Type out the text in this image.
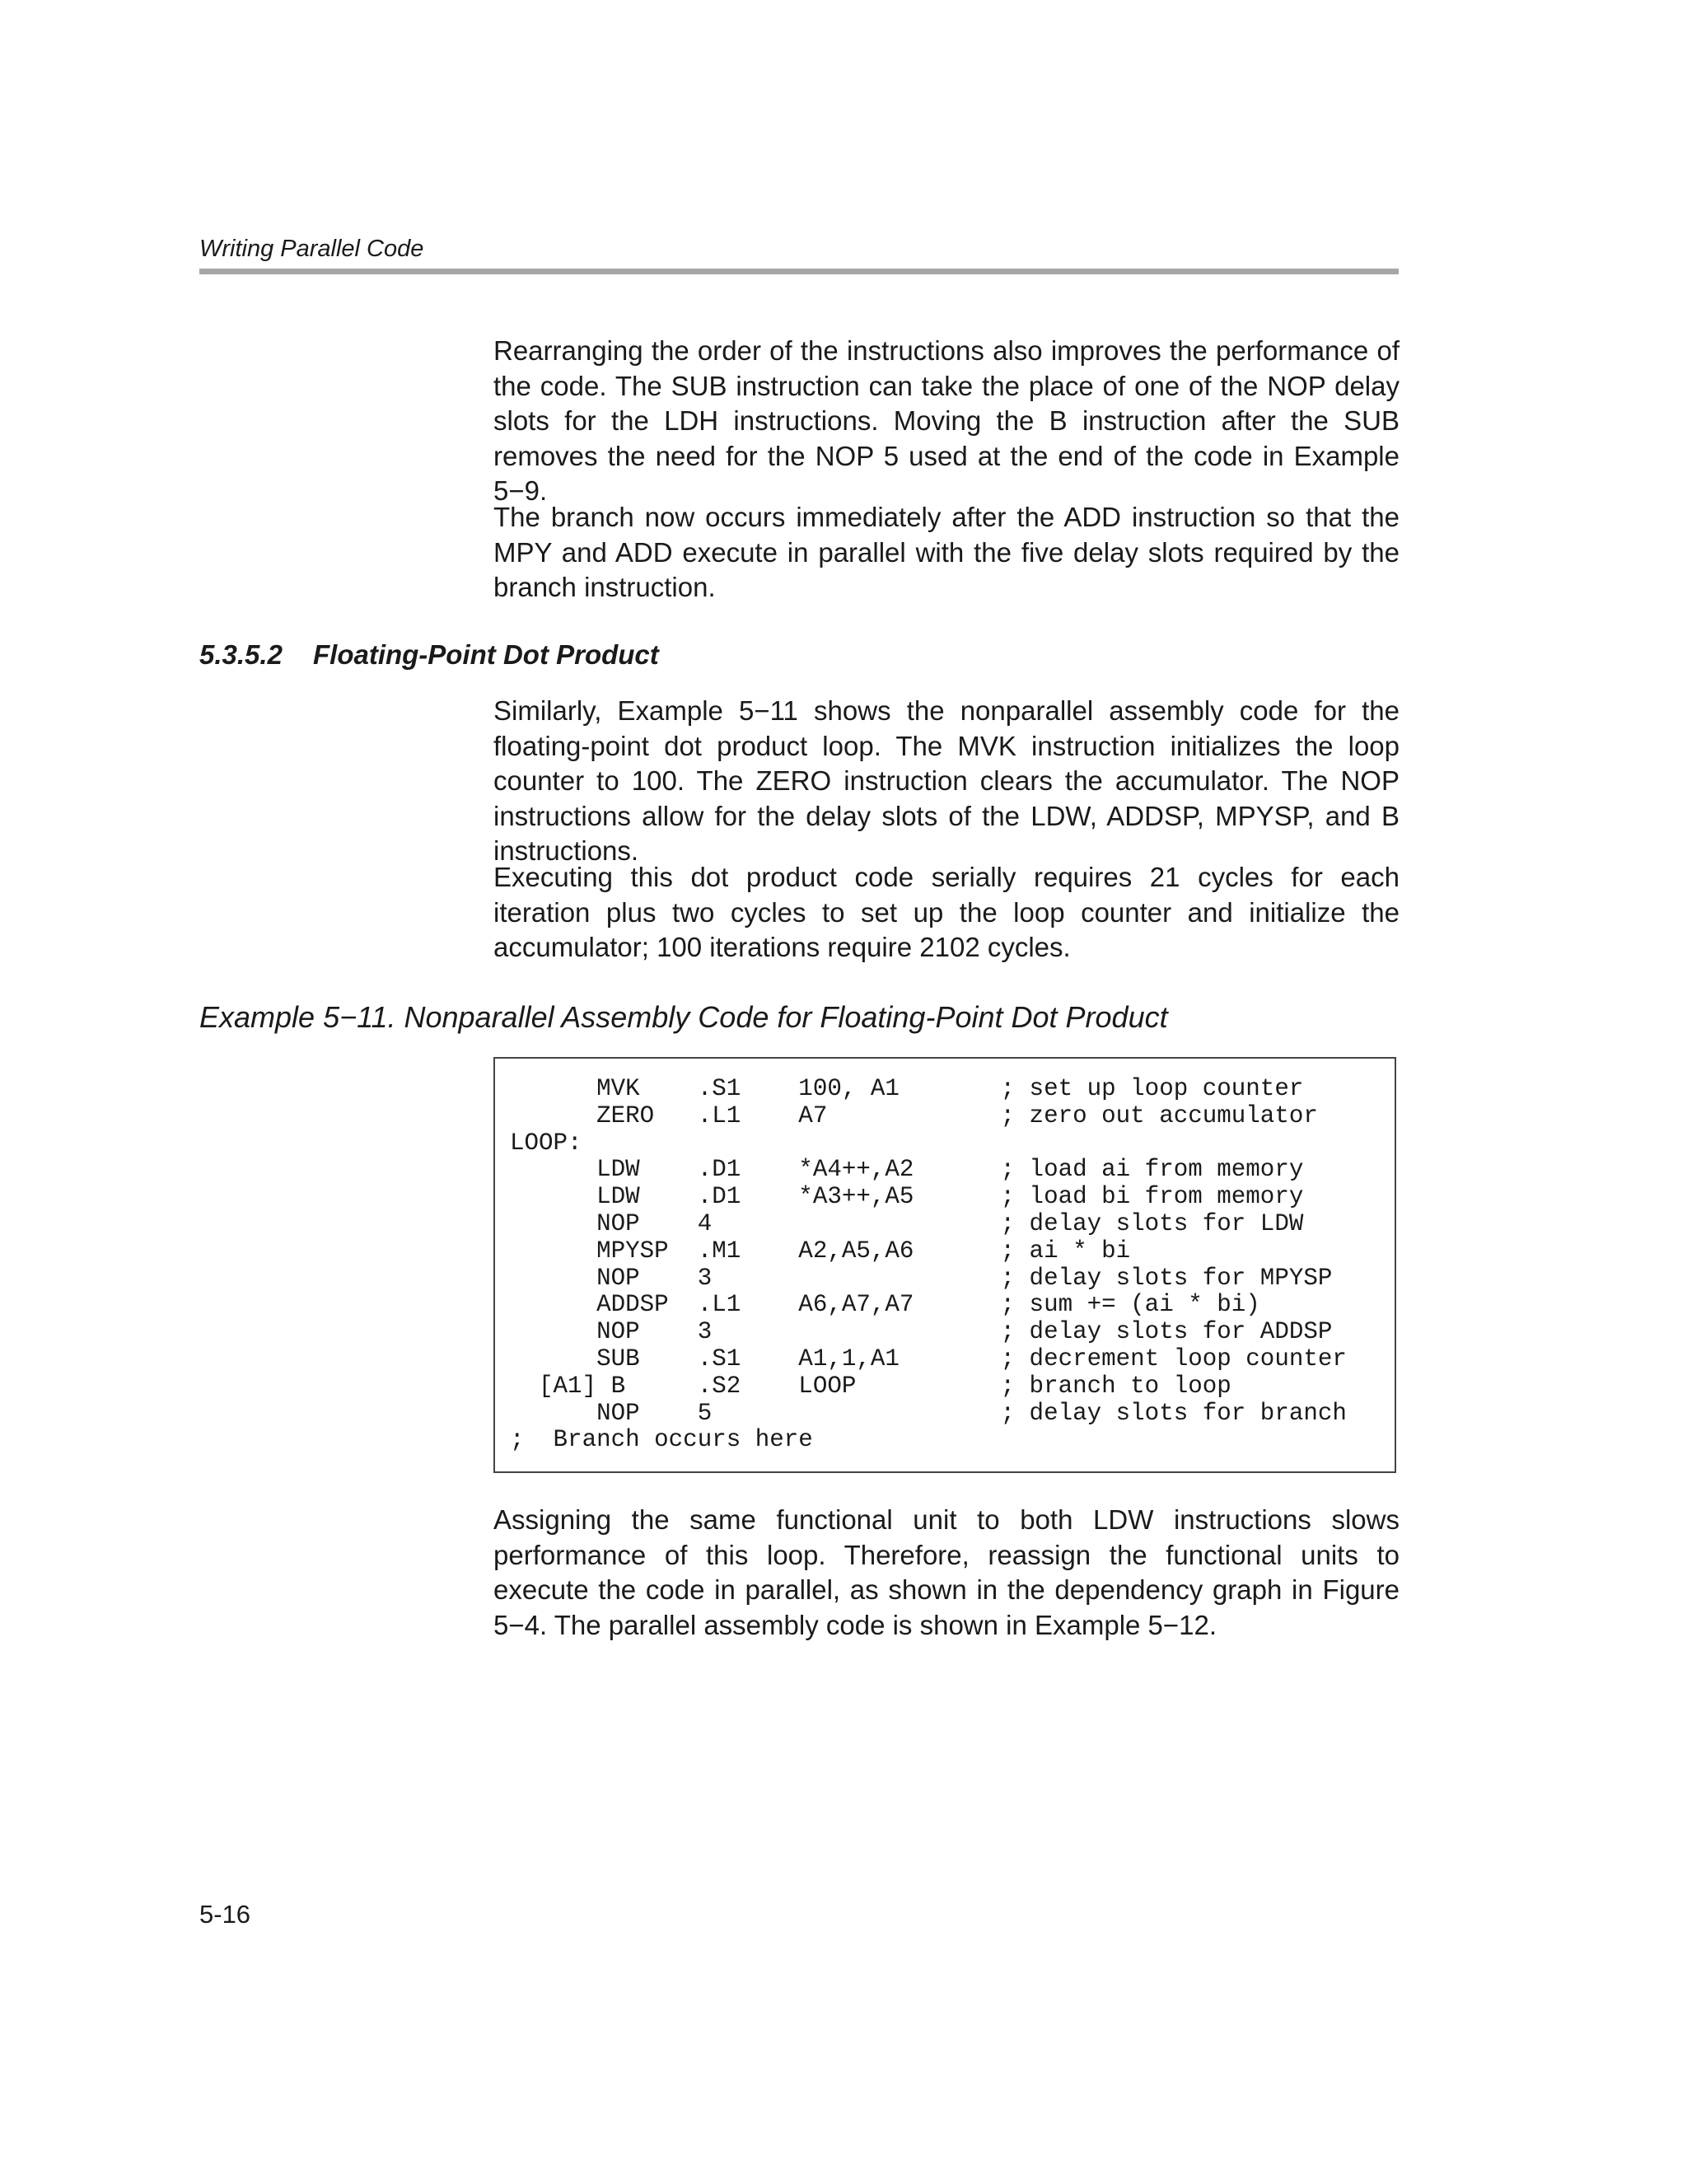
Writing Parallel Code

Rearranging the order of the instructions also improves the performance of the code. The SUB instruction can take the place of one of the NOP delay slots for the LDH instructions. Moving the B instruction after the SUB removes the need for the NOP 5 used at the end of the code in Example 5−9.

The branch now occurs immediately after the ADD instruction so that the MPY and ADD execute in parallel with the five delay slots required by the branch instruction.

5.3.5.2 Floating-Point Dot Product

Similarly, Example 5−11 shows the nonparallel assembly code for the floating-point dot product loop. The MVK instruction initializes the loop counter to 100. The ZERO instruction clears the accumulator. The NOP instructions allow for the delay slots of the LDW, ADDSP, MPYSP, and B instructions.

Executing this dot product code serially requires 21 cycles for each iteration plus two cycles to set up the loop counter and initialize the accumulator; 100 iterations require 2102 cycles.

Example 5−11. Nonparallel Assembly Code for Floating-Point Dot Product
MVK    .S1    100, A1       ; set up loop counter
ZERO   .L1    A7            ; zero out accumulator
LOOP:
LDW    .D1    *A4++,A2      ; load ai from memory
LDW    .D1    *A3++,A5      ; load bi from memory
NOP    4                    ; delay slots for LDW
MPYSP  .M1    A2,A5,A6      ; ai * bi
NOP    3                    ; delay slots for MPYSP
ADDSP  .L1    A6,A7,A7      ; sum += (ai * bi)
NOP    3                    ; delay slots for ADDSP
SUB    .S1    A1,1,A1       ; decrement loop counter
[A1] B     .S2    LOOP          ; branch to loop
NOP    5                    ; delay slots for branch
;  Branch occurs here

Assigning the same functional unit to both LDW instructions slows performance of this loop. Therefore, reassign the functional units to execute the code in parallel, as shown in the dependency graph in Figure 5−4. The parallel assembly code is shown in Example 5−12.

5-16
